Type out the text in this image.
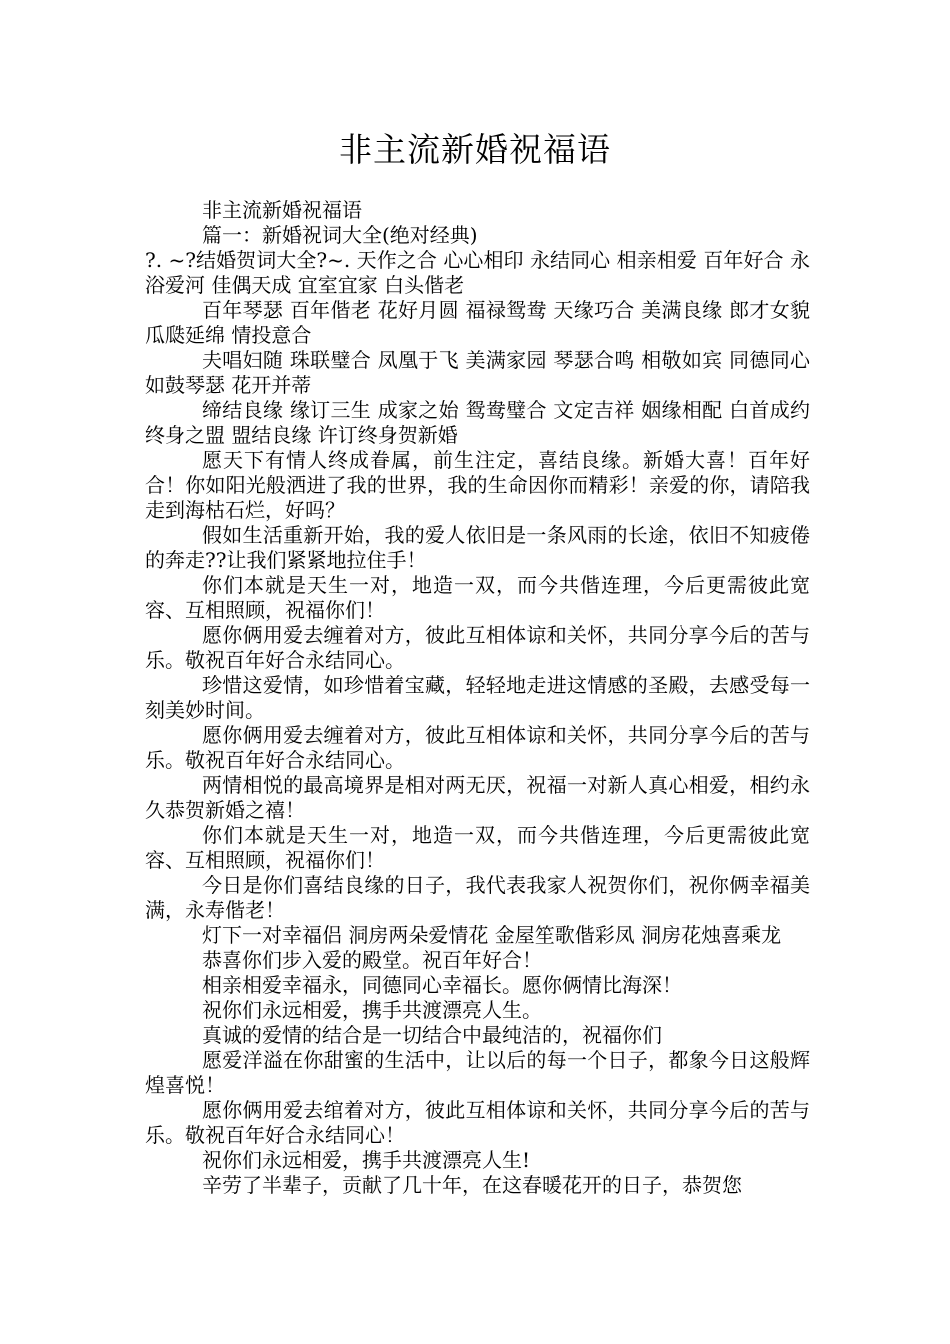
非主流新婚祝福语

非主流新婚祝福语

篇一：新婚祝词大全(绝对经典)

?. ~?结婚贺词大全?~. 天作之合 心心相印 永结同心 相亲相爱 百年好合 永浴爱河 佳偶天成 宜室宜家 白头偕老

百年琴瑟 百年偕老 花好月圆 福禄鸳鸯 天缘巧合 美满良缘 郎才女貌 瓜瓞延绵 情投意合

夫唱妇随 珠联璧合 凤凰于飞 美满家园 琴瑟合鸣 相敬如宾 同德同心 如鼓琴瑟 花开并蒂

缔结良缘 缘订三生 成家之始 鸳鸯璧合 文定吉祥 姻缘相配 白首成约 终身之盟 盟结良缘 许订终身贺新婚

愿天下有情人终成眷属，前生注定，喜结良缘。新婚大喜！百年好合！你如阳光般洒进了我的世界，我的生命因你而精彩！亲爱的你，请陪我走到海枯石烂，好吗？

假如生活重新开始，我的爱人依旧是一条风雨的长途，依旧不知疲倦的奔走??让我们紧紧地拉住手！

你们本就是天生一对，地造一双，而今共偕连理，今后更需彼此宽容、互相照顾，祝福你们！

愿你俩用爱去缠着对方，彼此互相体谅和关怀，共同分享今后的苦与乐。敬祝百年好合永结同心。

珍惜这爱情，如珍惜着宝藏，轻轻地走进这情感的圣殿，去感受每一刻美妙时间。

愿你俩用爱去缠着对方，彼此互相体谅和关怀，共同分享今后的苦与乐。敬祝百年好合永结同心。

两情相悦的最高境界是相对两无厌，祝福一对新人真心相爱，相约永久恭贺新婚之禧！

你们本就是天生一对，地造一双，而今共偕连理，今后更需彼此宽容、互相照顾，祝福你们！

今日是你们喜结良缘的日子，我代表我家人祝贺你们，祝你俩幸福美满，永寿偕老！

灯下一对幸福侣 洞房两朵爱情花 金屋笙歌偕彩凤 洞房花烛喜乘龙

恭喜你们步入爱的殿堂。祝百年好合！

相亲相爱幸福永，同德同心幸福长。愿你俩情比海深！

祝你们永远相爱，携手共渡漂亮人生。

真诚的爱情的结合是一切结合中最纯洁的，祝福你们

愿爱洋溢在你甜蜜的生活中，让以后的每一个日子，都象今日这般辉煌喜悦！

愿你俩用爱去绾着对方，彼此互相体谅和关怀，共同分享今后的苦与乐。敬祝百年好合永结同心！

祝你们永远相爱，携手共渡漂亮人生!

辛劳了半辈子，贡献了几十年，在这春暖花开的日子，恭贺您
